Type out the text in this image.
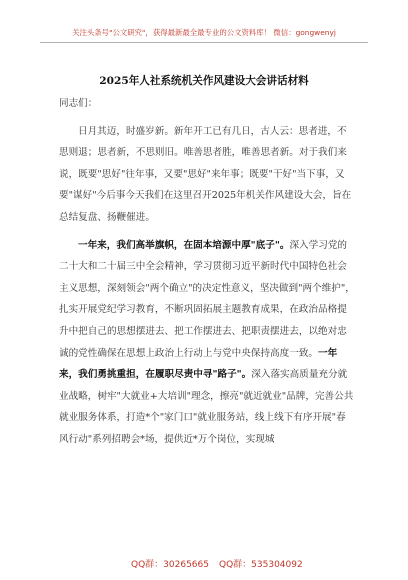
关注头条号"公文研究"，获得最新最全最专业的公文资料库！ 微信：gongwenyj
2025年人社系统机关作风建设大会讲话材料

同志们：

日月其迈，时盛岁新。新年开工已有几日，古人云：思者进，不思则退；思者新，不思则旧。唯善思者胜，唯善思者新。对于我们来说，既要"思好"往年事，又要"思好"来年事；既要"干好"当下事，又要"谋好"今后事今天我们在这里召开2025年机关作风建设大会，旨在总结复盘、扬鞭催进。

一年来，我们高举旗帜，在固本培源中厚"底子"。深入学习党的二十大和二十届三中全会精神，学习贯彻习近平新时代中国特色社会主义思想，深刻领会"两个确立"的决定性意义，坚决做到"两个维护"，扎实开展党纪学习教育，不断巩固拓展主题教育成果，在政治品格提升中把自己的思想摆进去、把工作摆进去、把职责摆进去，以绝对忠诚的党性确保在思想上政治上行动上与党中央保持高度一致。一年来，我们勇挑重担，在履职尽责中寻"路子"。深入落实高质量充分就业战略，树牢"大就业+大培训"理念，擦亮"就近就业"品牌，完善公共就业服务体系，打造*个"家门口"就业服务站，线上线下有序开展"春风行动"系列招聘会*场，提供近*万个岗位，实现城

QQ群：30265665 QQ群：535304092
